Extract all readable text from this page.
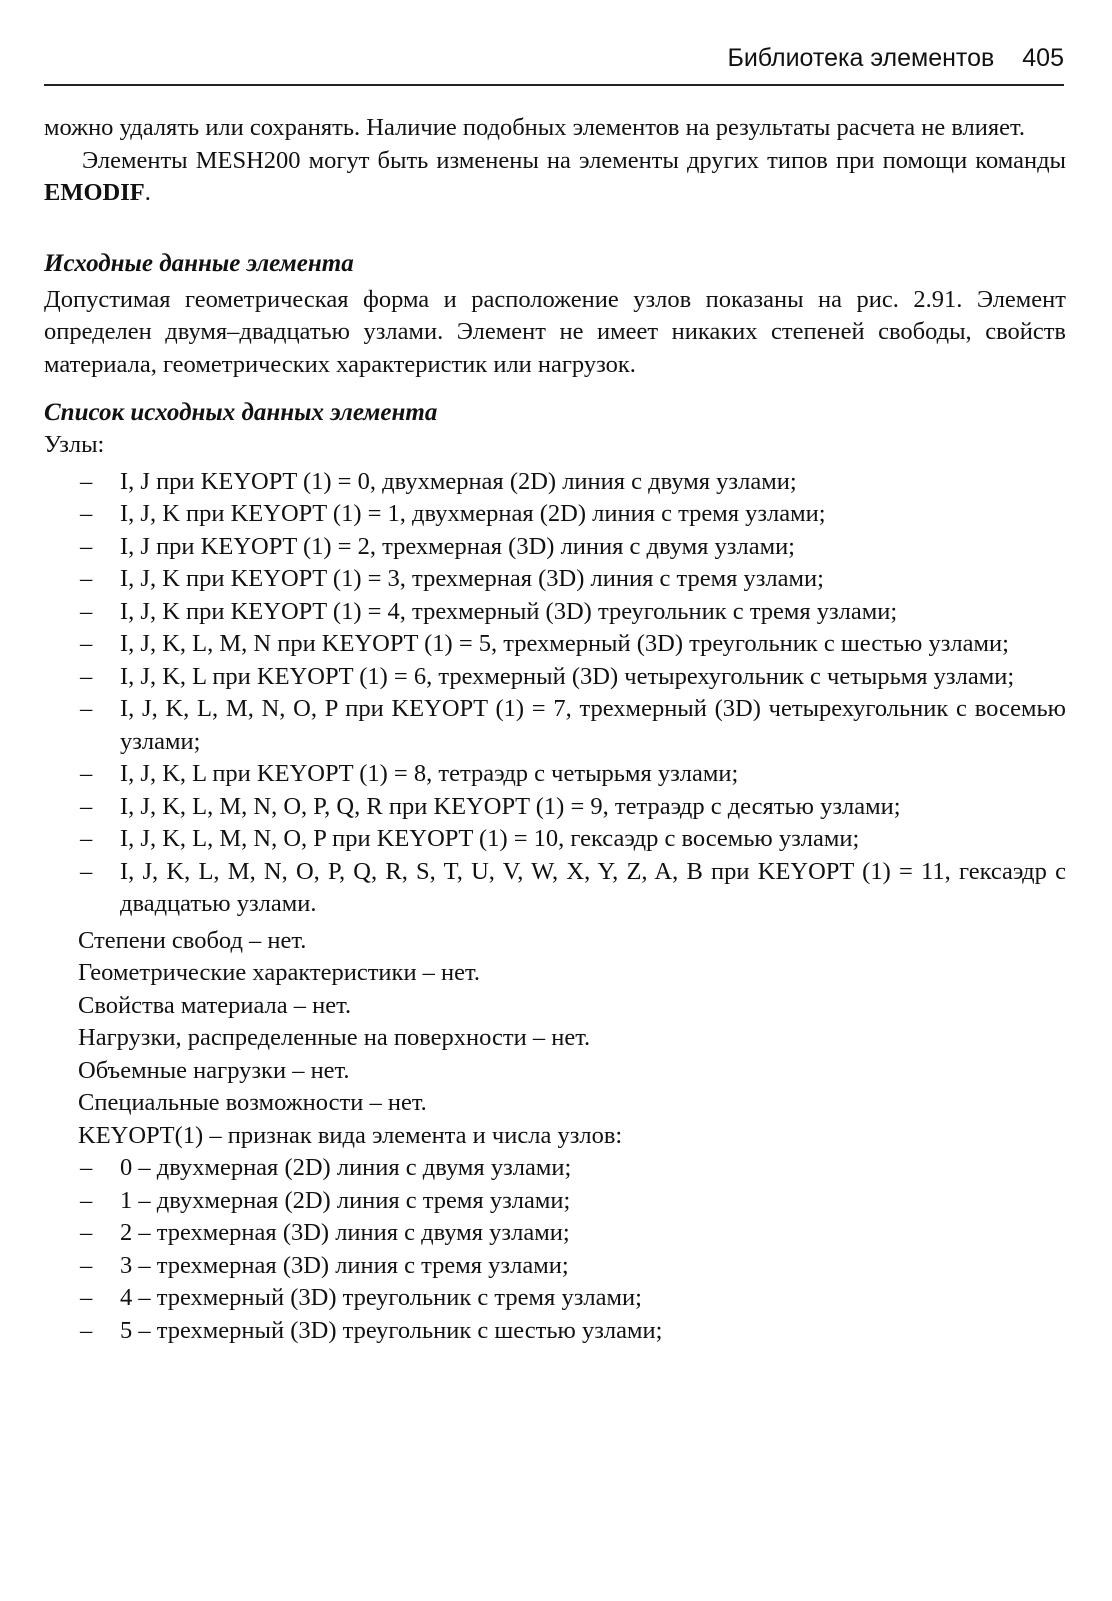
Библиотека элементов 405

можно удалять или сохранять. Наличие подобных элементов на результаты расчета не влияет.

Элементы MESH200 могут быть изменены на элементы других типов при помощи команды EMODIF.

Исходные данные элемента

Допустимая геометрическая форма и расположение узлов показаны на рис. 2.91. Элемент определен двумя–двадцатью узлами. Элемент не имеет никаких степеней свободы, свойств материала, геометрических характеристик или нагрузок.

Список исходных данных элемента

Узлы:

– I, J при KEYOPT (1) = 0, двухмерная (2D) линия с двумя узлами;
– I, J, K при KEYOPT (1) = 1, двухмерная (2D) линия с тремя узлами;
– I, J при KEYOPT (1) = 2, трехмерная (3D) линия с двумя узлами;
– I, J, K при KEYOPT (1) = 3, трехмерная (3D) линия с тремя узлами;
– I, J, K при KEYOPT (1) = 4, трехмерный (3D) треугольник с тремя узлами;
– I, J, K, L, M, N при KEYOPT (1) = 5, трехмерный (3D) треугольник с шестью узлами;
– I, J, K, L при KEYOPT (1) = 6, трехмерный (3D) четырехугольник с четырьмя узлами;
– I, J, K, L, M, N, O, P при KEYOPT (1) = 7, трехмерный (3D) четырехугольник с восемью узлами;
– I, J, K, L при KEYOPT (1) = 8, тетраэдр с четырьмя узлами;
– I, J, K, L, M, N, O, P, Q, R при KEYOPT (1) = 9, тетраэдр с десятью узлами;
– I, J, K, L, M, N, O, P при KEYOPT (1) = 10, гексаэдр с восемью узлами;
– I, J, K, L, M, N, O, P, Q, R, S, T, U, V, W, X, Y, Z, A, B при KEYOPT (1) = 11, гексаэдр с двадцатью узлами.
Степени свобод – нет.
Геометрические характеристики – нет.
Свойства материала – нет.
Нагрузки, распределенные на поверхности – нет.
Объемные нагрузки – нет.
Специальные возможности – нет.
KEYOPT(1) – признак вида элемента и числа узлов:
– 0 – двухмерная (2D) линия с двумя узлами;
– 1 – двухмерная (2D) линия с тремя узлами;
– 2 – трехмерная (3D) линия с двумя узлами;
– 3 – трехмерная (3D) линия с тремя узлами;
– 4 – трехмерный (3D) треугольник с тремя узлами;
– 5 – трехмерный (3D) треугольник с шестью узлами;
